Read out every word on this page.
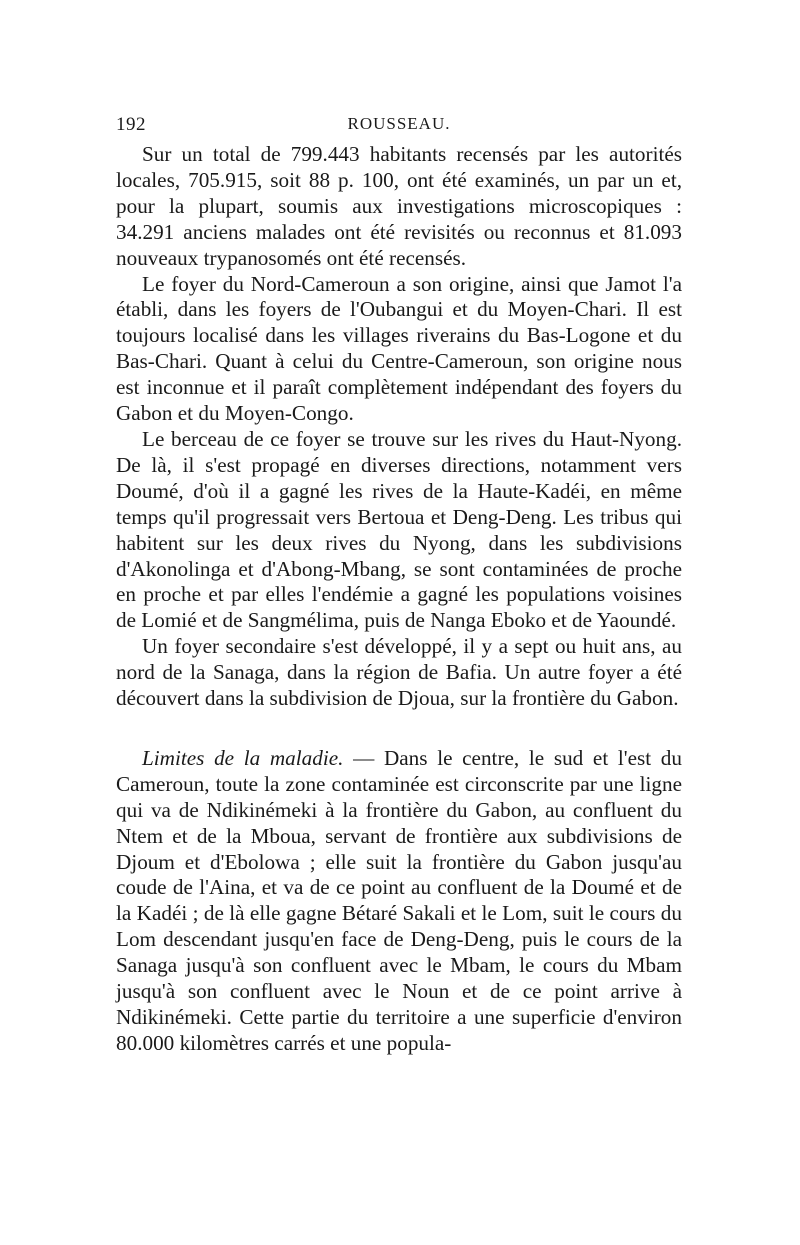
192	ROUSSEAU.

Sur un total de 799.443 habitants recensés par les autorités locales, 705.915, soit 88 p. 100, ont été examinés, un par un et, pour la plupart, soumis aux investigations microscopiques : 34.291 anciens malades ont été revisités ou reconnus et 81.093 nouveaux trypanosomés ont été recensés.

Le foyer du Nord-Cameroun a son origine, ainsi que Jamot l'a établi, dans les foyers de l'Oubangui et du Moyen-Chari. Il est toujours localisé dans les villages riverains du Bas-Logone et du Bas-Chari. Quant à celui du Centre-Cameroun, son origine nous est inconnue et il paraît complètement indépendant des foyers du Gabon et du Moyen-Congo.

Le berceau de ce foyer se trouve sur les rives du Haut-Nyong. De là, il s'est propagé en diverses directions, notamment vers Doumé, d'où il a gagné les rives de la Haute-Kadéi, en même temps qu'il progressait vers Bertoua et Deng-Deng. Les tribus qui habitent sur les deux rives du Nyong, dans les subdivisions d'Akonolinga et d'Abong-Mbang, se sont contaminées de proche en proche et par elles l'endémie a gagné les populations voisines de Lomié et de Sangmélima, puis de Nanga Eboko et de Yaoundé.

Un foyer secondaire s'est développé, il y a sept ou huit ans, au nord de la Sanaga, dans la région de Bafia. Un autre foyer a été découvert dans la subdivision de Djoua, sur la frontière du Gabon.

Limites de la maladie. — Dans le centre, le sud et l'est du Cameroun, toute la zone contaminée est circonscrite par une ligne qui va de Ndikinémeki à la frontière du Gabon, au confluent du Ntem et de la Mboua, servant de frontière aux subdivisions de Djoum et d'Ebolowa ; elle suit la frontière du Gabon jusqu'au coude de l'Aina, et va de ce point au confluent de la Doumé et de la Kadéi ; de là elle gagne Bétaré Sakali et le Lom, suit le cours du Lom descendant jusqu'en face de Deng-Deng, puis le cours de la Sanaga jusqu'à son confluent avec le Mbam, le cours du Mbam jusqu'à son confluent avec le Noun et de ce point arrive à Ndikinémeki. Cette partie du territoire a une superficie d'environ 80.000 kilomètres carrés et une popula-
